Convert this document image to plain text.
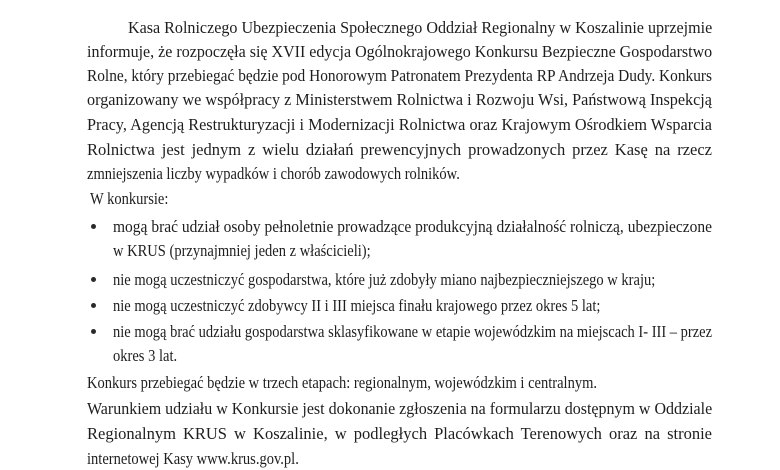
Kasa Rolniczego Ubezpieczenia Społecznego Oddział Regionalny w Koszalinie uprzejmie
informuje, że rozpoczęła się XVII edycja Ogólnokrajowego Konkursu Bezpieczne Gospodarstwo
Rolne, który przebiegać będzie pod Honorowym Patronatem Prezydenta RP Andrzeja Dudy. Konkurs
organizowany we współpracy z Ministerstwem Rolnictwa i Rozwoju Wsi, Państwową Inspekcją
Pracy, Agencją Restrukturyzacji i Modernizacji Rolnictwa oraz Krajowym Ośrodkiem Wsparcia
Rolnictwa jest jednym z wielu działań prewencyjnych prowadzonych przez Kasę na rzecz
zmniejszenia liczby wypadków i chorób zawodowych rolników.
W konkursie:
mogą brać udział osoby pełnoletnie prowadzące produkcyjną działalność rolniczą, ubezpieczone
w KRUS (przynajmniej jeden z właścicieli);
nie mogą uczestniczyć gospodarstwa, które już zdobyły miano najbezpieczniejszego w kraju;
nie mogą uczestniczyć zdobywcy II i III miejsca finału krajowego przez okres 5 lat;
nie mogą brać udziału gospodarstwa sklasyfikowane w etapie wojewódzkim na miejscach I- III – przez
okres 3 lat.
Konkurs przebiegać będzie w trzech etapach: regionalnym, wojewódzkim i centralnym.
Warunkiem udziału w Konkursie jest dokonanie zgłoszenia na formularzu dostępnym w Oddziale
Regionalnym KRUS w Koszalinie, w podległych Placówkach Terenowych oraz na stronie
internetowej Kasy www.krus.gov.pl.
